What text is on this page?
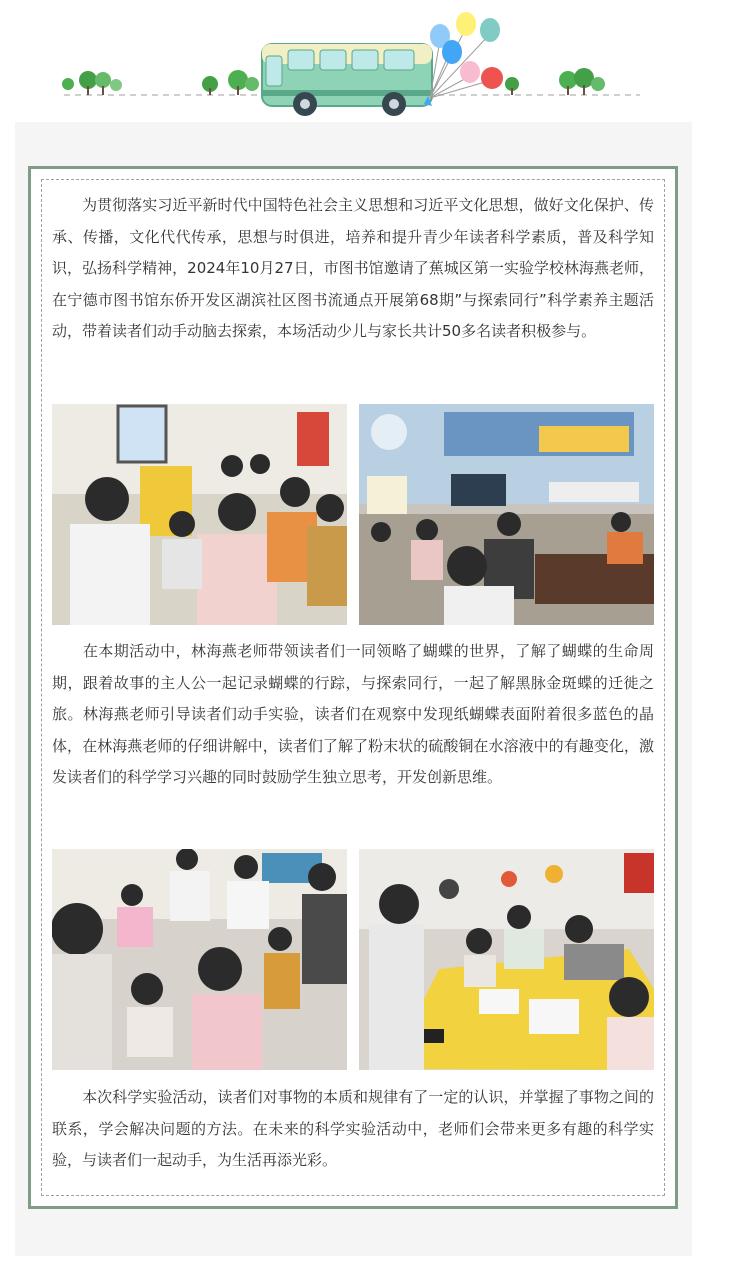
　　为贯彻落实习近平新时代中国特色社会主义思想和习近平文化思想，做好文化保护、传承、传播，文化代代传承，思想与时俱进，培养和提升青少年读者科学素质，普及科学知识，弘扬科学精神，2024年10月27日，市图书馆邀请了蕉城区第一实验学校林海燕老师，在宁德市图书馆东侨开发区湖滨社区图书流通点开展第68期”与探索同行”科学素养主题活动，带着读者们动手动脑去探索，本场活动少儿与家长共计50多名读者积极参与。

　　在本期活动中，林海燕老师带领读者们一同领略了蝴蝶的世界，了解了蝴蝶的生命周期，跟着故事的主人公一起记录蝴蝶的行踪，与探索同行，一起了解黑脉金斑蝶的迁徙之旅。林海燕老师引导读者们动手实验，读者们在观察中发现纸蝴蝶表面附着很多蓝色的晶体，在林海燕老师的仔细讲解中，读者们了解了粉末状的硫酸铜在水溶液中的有趣变化，激发读者们的科学学习兴趣的同时鼓励学生独立思考，开发创新思维。

　　本次科学实验活动，读者们对事物的本质和规律有了一定的认识，并掌握了事物之间的联系，学会解决问题的方法。在未来的科学实验活动中，老师们会带来更多有趣的科学实验，与读者们一起动手，为生活再添光彩。
